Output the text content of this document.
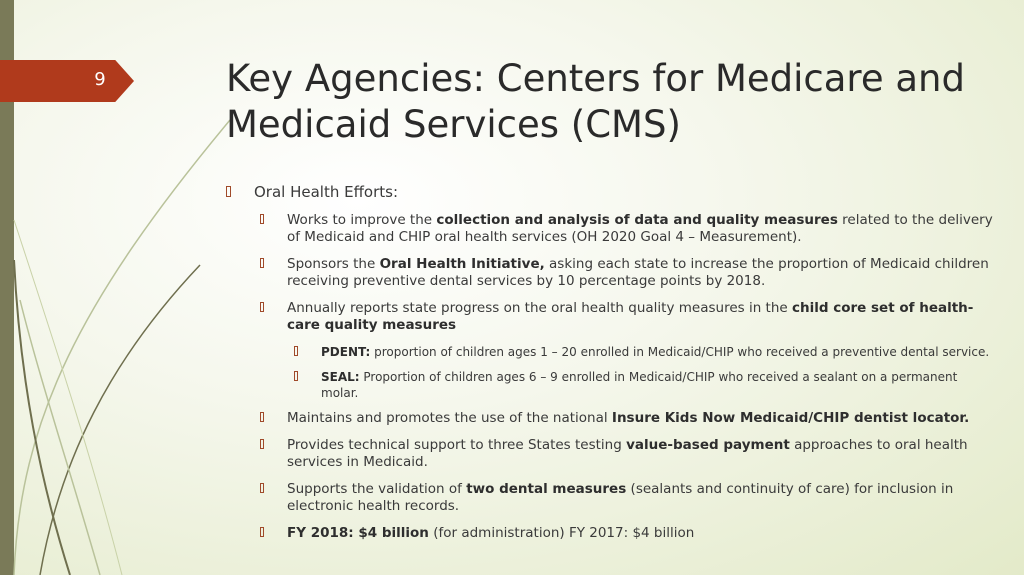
9	Key Agencies: Centers for Medicare and Medicaid Services (CMS)
Oral Health Efforts:
Works to improve the collection and analysis of data and quality measures related to the delivery of Medicaid and CHIP oral health services (OH 2020 Goal 4 – Measurement).
Sponsors the Oral Health Initiative, asking each state to increase the proportion of Medicaid children receiving preventive dental services by 10 percentage points by 2018.
Annually reports state progress on the oral health quality measures in the child core set of health-care quality measures
PDENT: proportion of children ages 1 – 20 enrolled in Medicaid/CHIP who received a preventive dental service.
SEAL: Proportion of children ages 6 – 9 enrolled in Medicaid/CHIP who received a sealant on a permanent molar.
Maintains and promotes the use of the national Insure Kids Now Medicaid/CHIP dentist locator.
Provides technical support to three States testing value-based payment approaches to oral health services in Medicaid.
Supports the validation of two dental measures (sealants and continuity of care) for inclusion in electronic health records.
FY 2018: $4 billion (for administration) FY 2017: $4 billion
